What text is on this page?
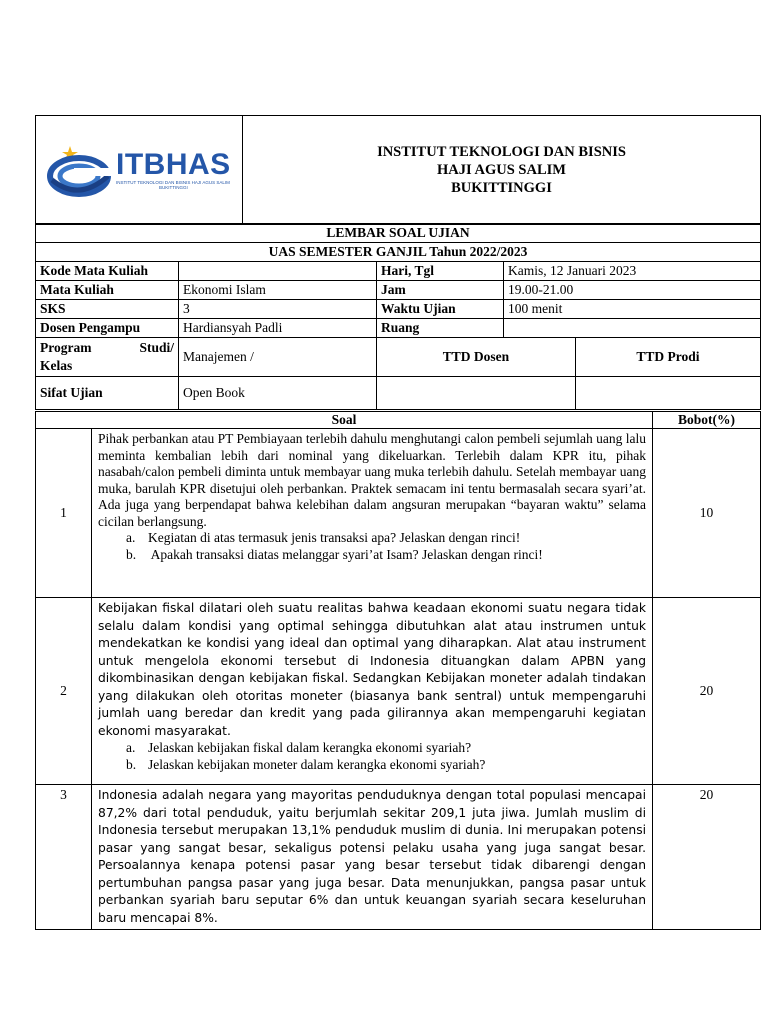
ITBHAS
INSTITUT TEKNOLOGI DAN BISNIS HAJI AGUS SALIM
BUKITTINGGI

INSTITUT TEKNOLOGI DAN BISNIS
HAJI AGUS SALIM
BUKITTINGGI
LEMBAR SOAL UJIAN				
UAS SEMESTER GANJIL Tahun 2022/2023				
Kode Mata Kuliah		Hari, Tgl	Kamis, 12 Januari 2023	
Mata Kuliah	Ekonomi Islam	Jam	19.00-21.00	
SKS	3	Waktu Ujian	100 menit	
Dosen Pengampu	Hardiansyah Padli	Ruang		

Program Studi/
Kelas	Manajemen /	TTD Dosen		TTD Prodi
Sifat Ujian	Open Book			
Soal		Bobot(%)
1	Pihak perbankan atau PT Pembiayaan terlebih dahulu menghutangi calon pembeli sejumlah uang lalu meminta kembalian lebih dari nominal yang dikeluarkan. Terlebih dalam KPR itu, pihak nasabah/calon pembeli diminta untuk membayar uang muka terlebih dahulu. Setelah membayar uang muka, barulah KPR disetujui oleh perbankan. Praktek semacam ini tentu bermasalah secara syari’at. Ada juga yang berpendapat bahwa kelebihan dalam angsuran merupakan “bayaran waktu” selama cicilan berlangsung.
a. Kegiatan di atas termasuk jenis transaksi apa? Jelaskan dengan rinci!
b. Apakah transaksi diatas melanggar syari’at Isam? Jelaskan dengan rinci!	10
2	Kebijakan fiskal dilatari oleh suatu realitas bahwa keadaan ekonomi suatu negara tidak selalu dalam kondisi yang optimal sehingga dibutuhkan alat atau instrumen untuk mendekatkan ke kondisi yang ideal dan optimal yang diharapkan. Alat atau instrument untuk mengelola ekonomi tersebut di Indonesia dituangkan dalam APBN yang dikombinasikan dengan kebijakan fiskal. Sedangkan Kebijakan moneter adalah tindakan yang dilakukan oleh otoritas moneter (biasanya bank sentral) untuk mempengaruhi jumlah uang beredar dan kredit yang pada gilirannya akan mempengaruhi kegiatan ekonomi masyarakat.
a. Jelaskan kebijakan fiskal dalam kerangka ekonomi syariah?
b. Jelaskan kebijakan moneter dalam kerangka ekonomi syariah?	20
3	Indonesia adalah negara yang mayoritas penduduknya dengan total populasi mencapai 87,2% dari total penduduk, yaitu berjumlah sekitar 209,1 juta jiwa. Jumlah muslim di Indonesia tersebut merupakan 13,1% penduduk muslim di dunia. Ini merupakan potensi pasar yang sangat besar, sekaligus potensi pelaku usaha yang juga sangat besar. Persoalannya kenapa potensi pasar yang besar tersebut tidak dibarengi dengan pertumbuhan pangsa pasar yang juga besar. Data menunjukkan, pangsa pasar untuk perbankan syariah baru seputar 6% dan untuk keuangan syariah secara keseluruhan baru mencapai 8%.	20
